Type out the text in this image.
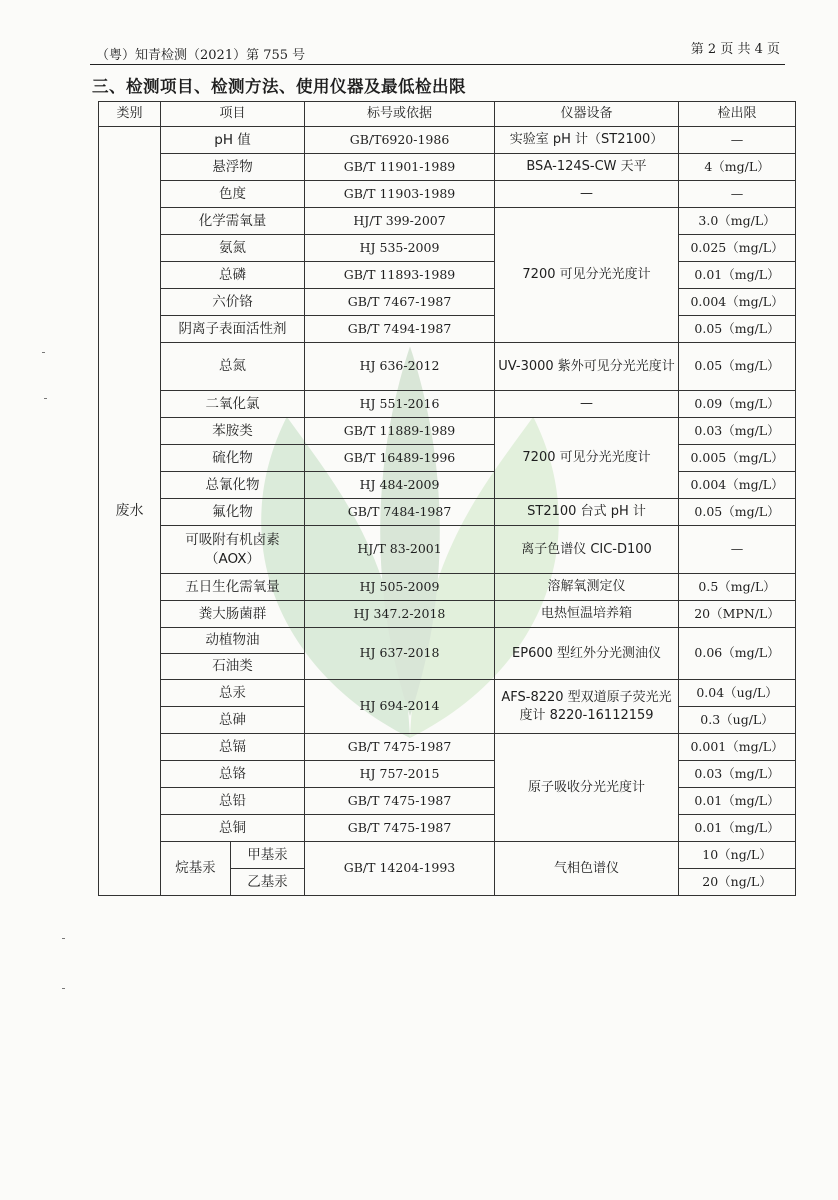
（粤）知青检测（2021）第 755 号	第 2 页 共 4 页
三、检测项目、检测方法、使用仪器及最低检出限
类别	项目		标号或依据	仪器设备	检出限
废水	pH 值		GB/T6920-1986	实验室 pH 计（ST2100）	—
	悬浮物		GB/T 11901-1989	BSA-124S-CW 天平	4（mg/L）
	色度		GB/T 11903-1989	—	—
	化学需氧量		HJ/T 399-2007	7200 可见分光光度计	3.0（mg/L）
	氨氮		HJ 535-2009		0.025（mg/L）
	总磷		GB/T 11893-1989		0.01（mg/L）
	六价铬		GB/T 7467-1987		0.004（mg/L）
	阴离子表面活性剂		GB/T 7494-1987		0.05（mg/L）
	总氮		HJ 636-2012	UV-3000 紫外可见分光光度计	0.05（mg/L）
	二氧化氯		HJ 551-2016	—	0.09（mg/L）
	苯胺类		GB/T 11889-1989	7200 可见分光光度计	0.03（mg/L）
	硫化物		GB/T 16489-1996		0.005（mg/L）
	总氰化物		HJ 484-2009		0.004（mg/L）
	氟化物		GB/T 7484-1987	ST2100 台式 pH 计	0.05（mg/L）
	可吸附有机卤素（AOX）		HJ/T 83-2001	离子色谱仪 CIC-D100	—
	五日生化需氧量		HJ 505-2009	溶解氧测定仪	0.5（mg/L）
	粪大肠菌群		HJ 347.2-2018	电热恒温培养箱	20（MPN/L）
	动植物油		HJ 637-2018	EP600 型红外分光测油仪	0.06（mg/L）
	石油类				
	总汞		HJ 694-2014	AFS-8220 型双道原子荧光光度计 8220-16112159	0.04（ug/L）
	总砷				0.3（ug/L）
	总镉		GB/T 7475-1987	原子吸收分光光度计	0.001（mg/L）
	总铬		HJ 757-2015		0.03（mg/L）
	总铅		GB/T 7475-1987		0.01（mg/L）
	总铜		GB/T 7475-1987		0.01（mg/L）
	烷基汞	甲基汞	GB/T 14204-1993	气相色谱仪	10（ng/L）
		乙基汞			20（ng/L）
